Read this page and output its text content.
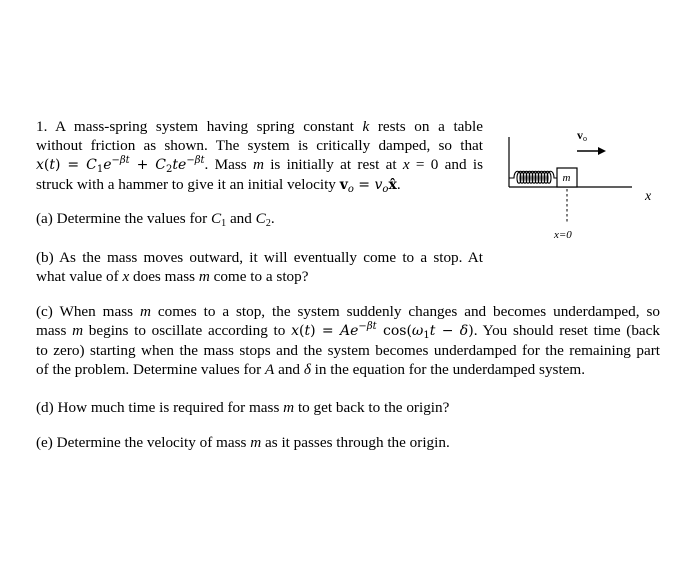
1. A mass-spring system having spring constant k rests on a table
without friction as shown. The system is critically damped, so that
$x(t) = C_1e^{-\beta t} + C_2te^{-\beta t}$. Mass m is initially at rest at x = 0 and is
struck with a hammer to give it an initial velocity $v_o$ = $v_ox̂$.
(a) Determine the values for $C_1$ and $C_2$.
(b) As the mass moves outward, it will eventually come to a stop. At
what value of x does mass m come to a stop?
(c) When mass m comes to a stop, the system suddenly changes and becomes underdamped, so
mass m begins to oscillate according to $x(t) = Ae^{-\beta t}$ $\cos(\omega_1t - \delta)$. You should reset time (back
to zero) starting when the mass stops and the system becomes underdamped for the remaining part
of the problem. Determine values for A and δ in the equation for the underdamped system.
(d) How much time is required for mass m to get back to the origin?
(e) Determine the velocity of mass m as it passes through the origin.
m
vo
x
x=0
